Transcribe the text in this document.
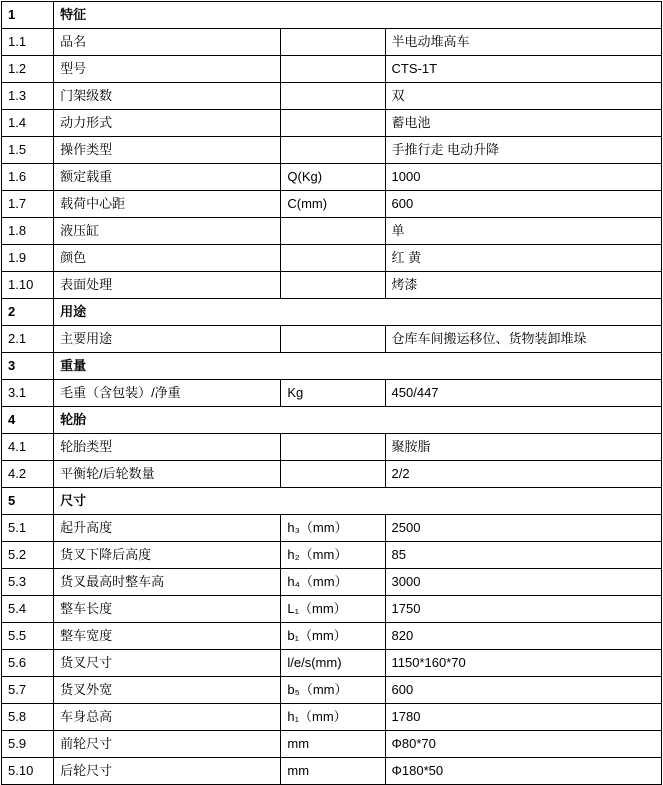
1	特征		
1.1	品名		半电动堆高车
1.2	型号		CTS-1T
1.3	门架级数		双
1.4	动力形式		蓄电池
1.5	操作类型		手推行走 电动升降
1.6	额定载重	Q(Kg)	1000
1.7	载荷中心距	C(mm)	600
1.8	液压缸		单
1.9	颜色		红 黄
1.10	表面处理		烤漆
2	用途		
2.1	主要用途		仓库车间搬运移位、货物装卸堆垛
3	重量		
3.1	毛重（含包装）/净重	Kg	450/447
4	轮胎		
4.1	轮胎类型		聚胺脂
4.2	平衡轮/后轮数量		2/2
5	尺寸		
5.1	起升高度	h₃（mm）	2500
5.2	货叉下降后高度	h₂（mm）	85
5.3	货叉最高时整车高	h₄（mm）	3000
5.4	整车长度	L₁（mm）	1750
5.5	整车宽度	b₁（mm）	820
5.6	货叉尺寸	l/e/s(mm)	1150*160*70
5.7	货叉外宽	b₅（mm）	600
5.8	车身总高	h₁（mm）	1780
5.9	前轮尺寸	mm	Φ80*70
5.10	后轮尺寸	mm	Φ180*50
